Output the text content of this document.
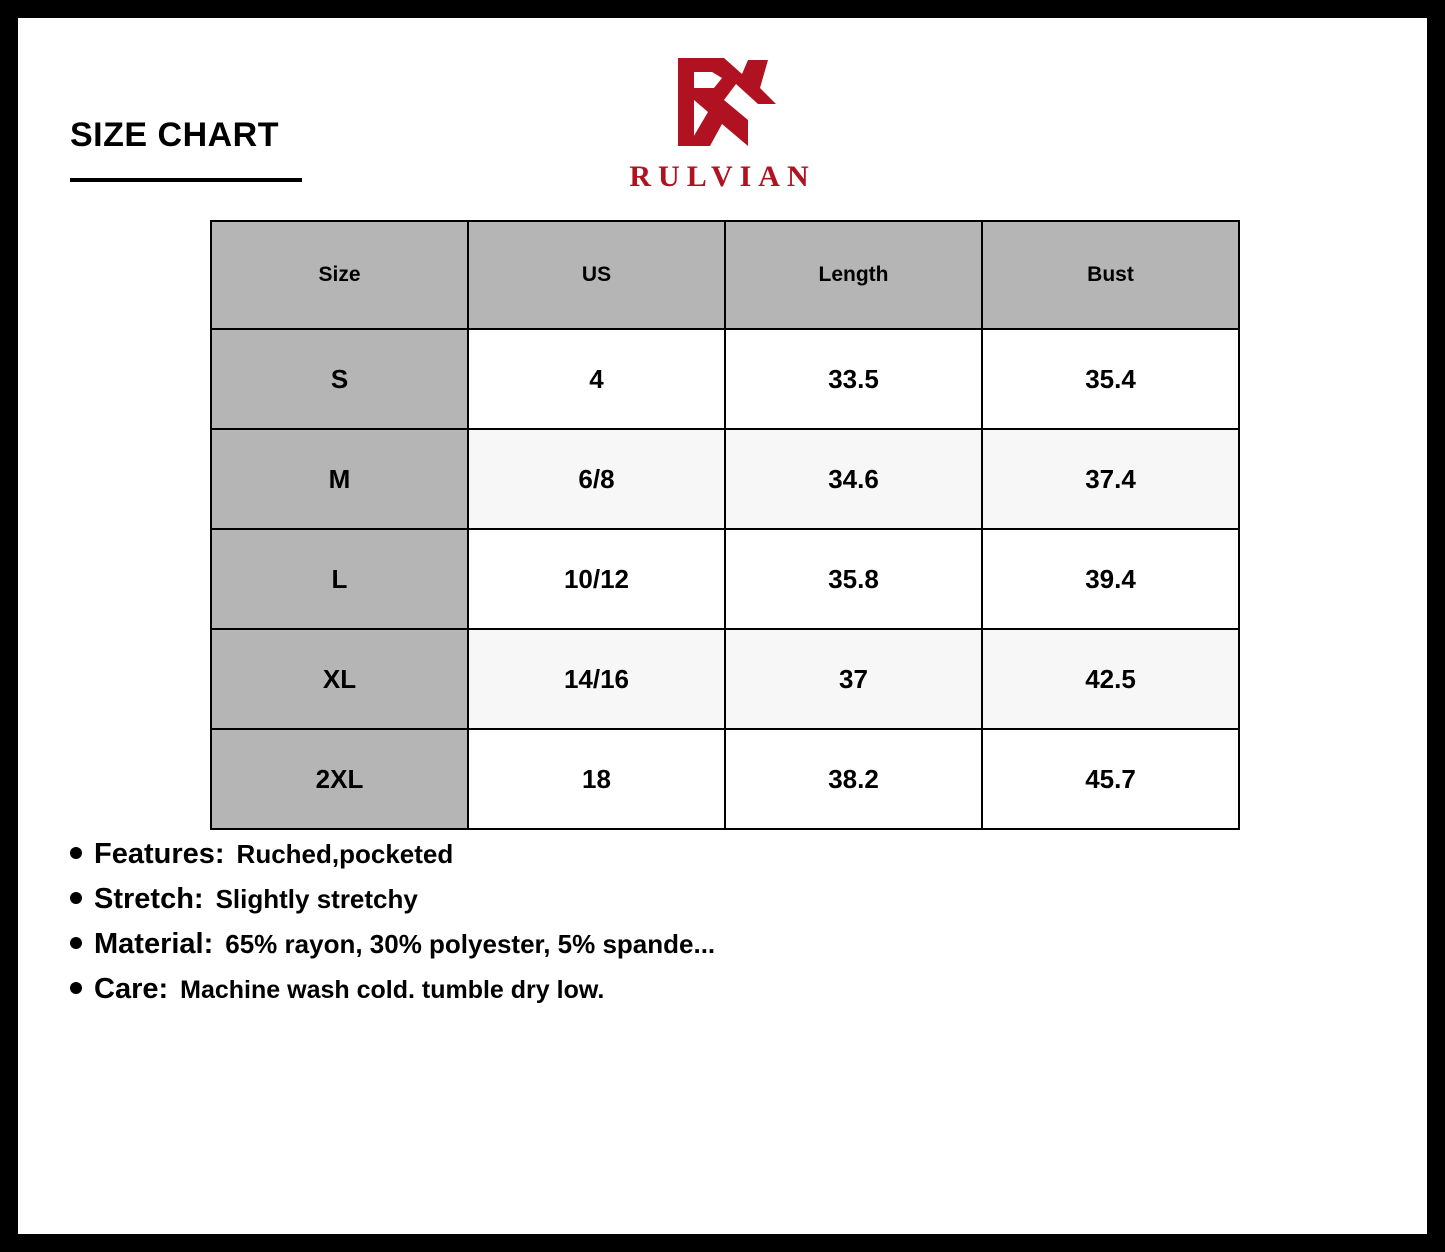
SIZE CHART
RULVIAN
Size	US	Length	Bust
S	4	33.5	35.4
M	6/8	34.6	37.4
L	10/12	35.8	39.4
XL	14/16	37	42.5
2XL	18	38.2	45.7
Features: Ruched,pocketed
Stretch: Slightly stretchy
Material: 65% rayon, 30% polyester, 5% spande...
Care: Machine wash cold. tumble dry low.
